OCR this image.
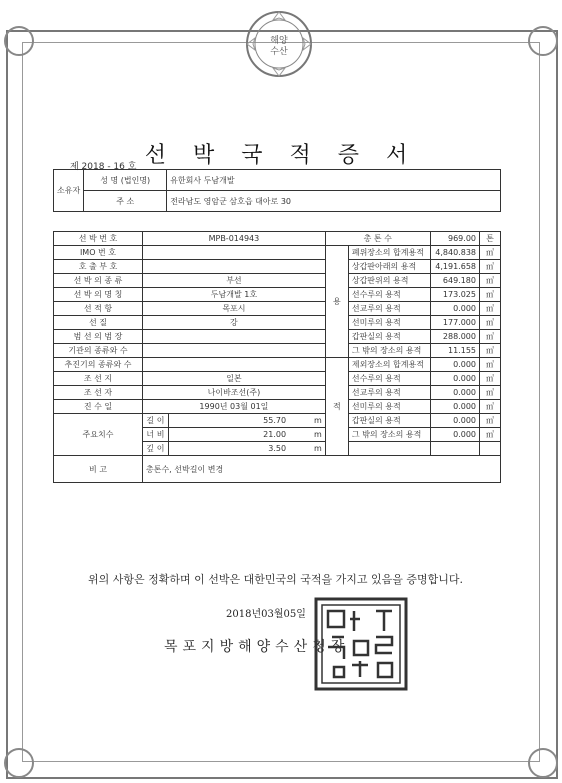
해양
수산
선 박 국 적 증 서
제 2018 - 16 호
소유자	성 명 (법인명)	유한회사 두남개발
	주 소	전라남도 영암군 삼호읍 대아로 30
선 박 번 호	MPB-014943		총 톤 수		969.00	톤
IMO 번 호			용	폐위장소의 합계용적	4,840.838	㎥
호 출 부 호				상갑판아래의 용적	4,191.658	㎥
선 박 의 종 류	부선			상갑판위의 용적	649.180	㎥
선 박 의 명 칭	두남개발 1호			선수루의 용적	173.025	㎥
선 적 항	목포시			선교루의 용적	0.000	㎥
선 질	강			선미루의 용적	177.000	㎥
범 선 의 범 장				갑판실의 용적	288.000	㎥
기관의 종류와 수				그 밖의 장소의 용적	11.155	㎥
추진기의 종류와 수			적	제외장소의 합계용적	0.000	㎥
조 선 지	일본			선수루의 용적	0.000	㎥
조 선 자	나이바조선(주)			선교루의 용적	0.000	㎥
진 수 일	1990년 03월 01일			선미루의 용적	0.000	㎥
주요치수	길 이	55.70 m		갑판실의 용적	0.000	㎥
	너 비	21.00 m		그 밖의 장소의 용적	0.000	㎥
	깊 이	3.50 m				
비 고	총톤수, 선박길이 변경					
위의 사항은 정확하며 이 선박은 대한민국의 국적을 가지고 있음을 증명합니다.
2018년03월05일
목포지방해양수산청장
